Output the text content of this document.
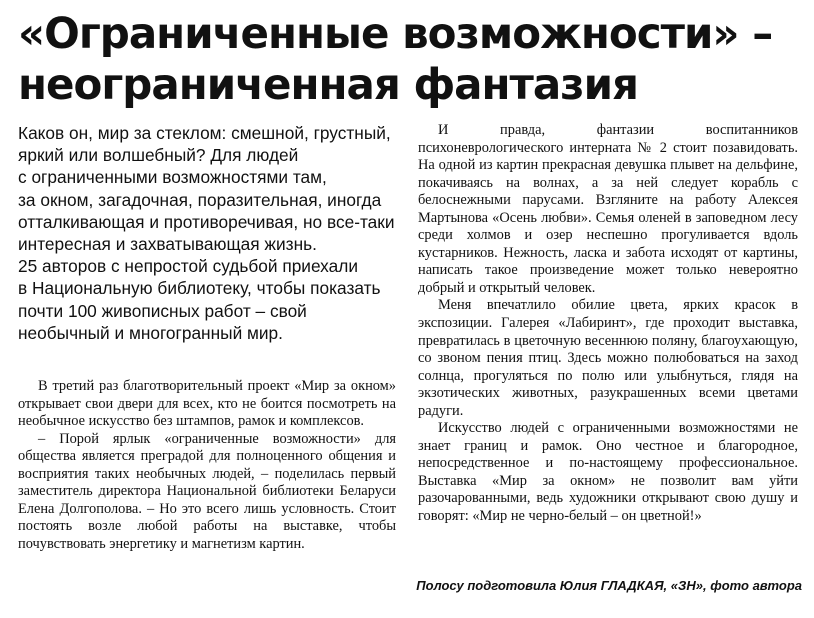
«Ограниченные возможности» –
неограниченная фантазия
Каков он, мир за стеклом: смешной, грустный,
яркий или волшебный? Для людей
с ограниченными возможностями там,
за окном, загадочная, поразительная, иногда
отталкивающая и противоречивая, но все-таки
интересная и захватывающая жизнь.
25 авторов с непростой судьбой приехали
в Национальную библиотеку, чтобы показать
почти 100 живописных работ – свой
необычный и многогранный мир.

В третий раз благотворительный проект «Мир за окном» открывает свои двери для всех, кто не боится посмотреть на необычное искусство без штампов, рамок и комплексов.

– Порой ярлык «ограниченные возможности» для общества является преградой для полноценного общения и восприятия таких необычных людей, – поделилась первый заместитель директора Национальной библиотеки Беларуси Елена Долгополова. – Но это всего лишь условность. Стоит постоять возле любой работы на выставке, чтобы почувствовать энергетику и магнетизм картин.

И правда, фантазии воспитанников психоневрологического интерната № 2 стоит позавидовать. На одной из картин прекрасная девушка плывет на дельфине, покачиваясь на волнах, а за ней следует корабль с белоснежными парусами. Взгляните на работу Алексея Мартынова «Осень любви». Семья оленей в заповедном лесу среди холмов и озер неспешно прогуливается вдоль кустарников. Нежность, ласка и забота исходят от картины, написать такое произведение может только невероятно добрый и открытый человек.

Меня впечатлило обилие цвета, ярких красок в экспозиции. Галерея «Лабиринт», где проходит выставка, превратилась в цветочную весеннюю поляну, благоухающую, со звоном пения птиц. Здесь можно полюбоваться на заход солнца, прогуляться по полю или улыбнуться, глядя на экзотических животных, разукрашенных всеми цветами радуги.

Искусство людей с ограниченными возможностями не знает границ и рамок. Оно честное и благородное, непосредственное и по-настоящему профессиональное. Выставка «Мир за окном» не позволит вам уйти разочарованными, ведь художники открывают свою душу и говорят: «Мир не черно-белый – он цветной!»

Полосу подготовила Юлия ГЛАДКАЯ, «ЗН», фото автора
